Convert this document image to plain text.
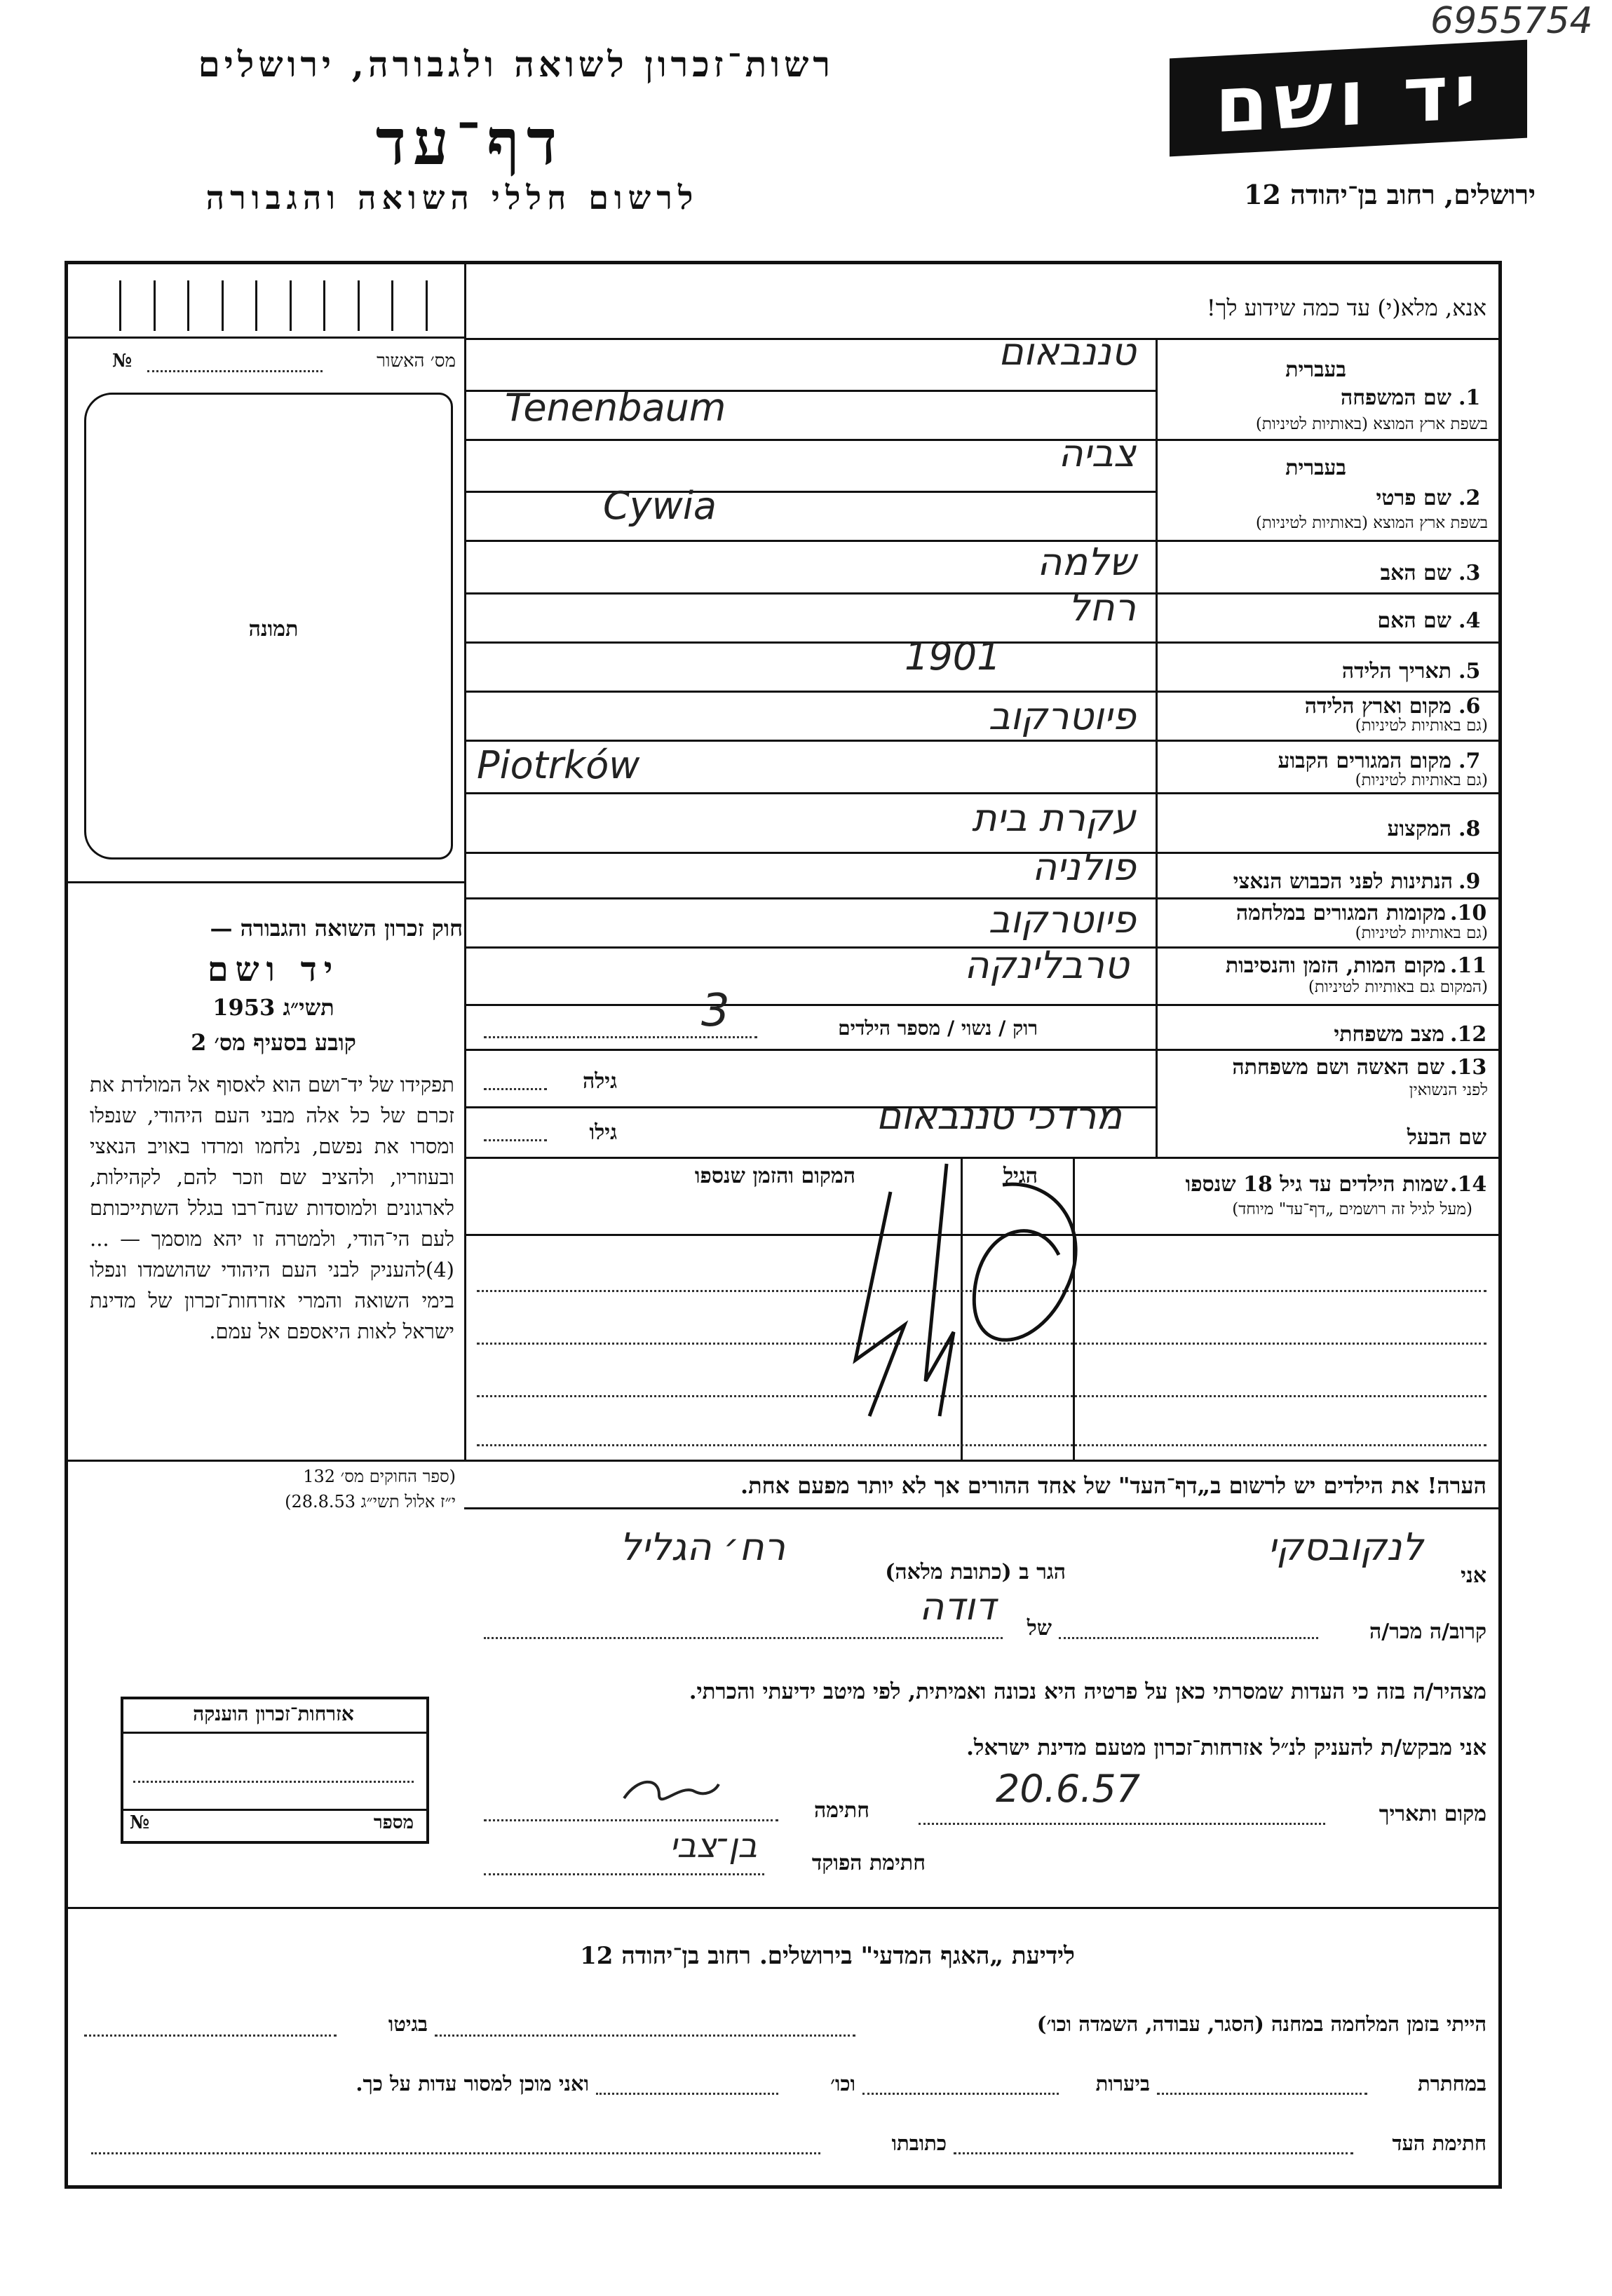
6955754
רשות־זכרון לשואה ולגבורה, ירושלים
דף־עד
לרשום חללי השואה והגבורה
יד ושם
ירושלים, רחוב בן־יהודה 12
מס׳ האשור
№
תמונה
חוק זכרון השואה והגבורה —
יד ושם
תשי״ג 1953
קובע בסעיף מס׳ 2
תפקידו של יד־ושם הוא לאסוף אל המולדת את זכרם של כל אלה מבני העם היהודי, שנפלו ומסרו את נפשם, נלחמו ומרדו באויב הנאצי ובעוזריו, ולהציב שם וזכר להם, לקהילות, לארגונים ולמוסדות שנח־רבו בגלל השתייכותם לעם הי־הודי, ולמטרה זו יהא מוסמך — ...(4)להעניק לבני העם היהודי שהושמדו ונפלו בימי השואה והמרי אזרחות־זכרון של מדינת ישראל לאות היאספם אל עמם.
(ספר החוקים מס׳ 132
י״ז אלול תשי״ג 28.8.53)
אנא, מלא(י) עד כמה שידוע לך!
בעברית
1.
שם המשפחה
בשפת ארץ המוצא (באותיות לטיניות)
טננבאום
Tenenbaum
בעברית
2.
שם פרטי
בשפת ארץ המוצא (באותיות לטיניות)
צביה
Cywia
3.
שם האב
שלמה
4.
שם האם
רחל
5.
תאריך הלידה
1901
6.
מקום וארץ הלידה
(גם באותיות לטיניות)
פיוטרקוב
7.
מקום המגורים הקבוע
(גם באותיות לטיניות)
Piotrków
8.
המקצוע
עקרת בית
9.
הנתינות לפני הכבוש הנאצי
פולניה
10.
מקומות המגורים במלחמה
(גם באותיות לטיניות)
פיוטרקוב
11.
מקום המות, הזמן והנסיבות
(המקום גם באותיות לטיניות)
טרבלינקה
12.
מצב משפחתי
רוק / נשוי / מספר הילדים
3
13.
שם האשה ושם משפחתה
לפני הנשואין
גילה
שם הבעל
גילו	מרדכי טננבאום
14.
שמות הילדים עד גיל 18 שנספו
(מעל לגיל זה רושמים „דף־עד" מיוחד)
הגיל
המקום והזמן שנספו
הערה! את הילדים יש לרשום ב„דף־העד" של אחד ההורים אך לא יותר מפעם אחת.
אני
הגר ב (כתובת מלאה)
לנקובסקי
רח׳ הגליל
קרוב/ה מכר/ה
של
דודה
מצהיר/ה בזה כי העדות שמסרתי כאן על פרטיה היא נכונה ואמיתית, לפי מיטב ידיעתי והכרתי.
אני מבקש/ת להעניק לנ״ל אזרחות־זכרון מטעם מדינת ישראל.
מקום ותאריך
20.6.57
חתימה
חתימת הפוקד
בן־צבי
אזרחות־זכרון הוענקה
מספר
№
לידיעת „האגף המדעי" בירושלים. רחוב בן־יהודה 12
הייתי בזמן המלחמה במחנה (הסגר, עבודה, השמדה וכו׳)
בגיטו
במחתרת
ביערות
וכו׳
ואני מוכן למסור עדות על כך.
חתימת העד
כתובתו
